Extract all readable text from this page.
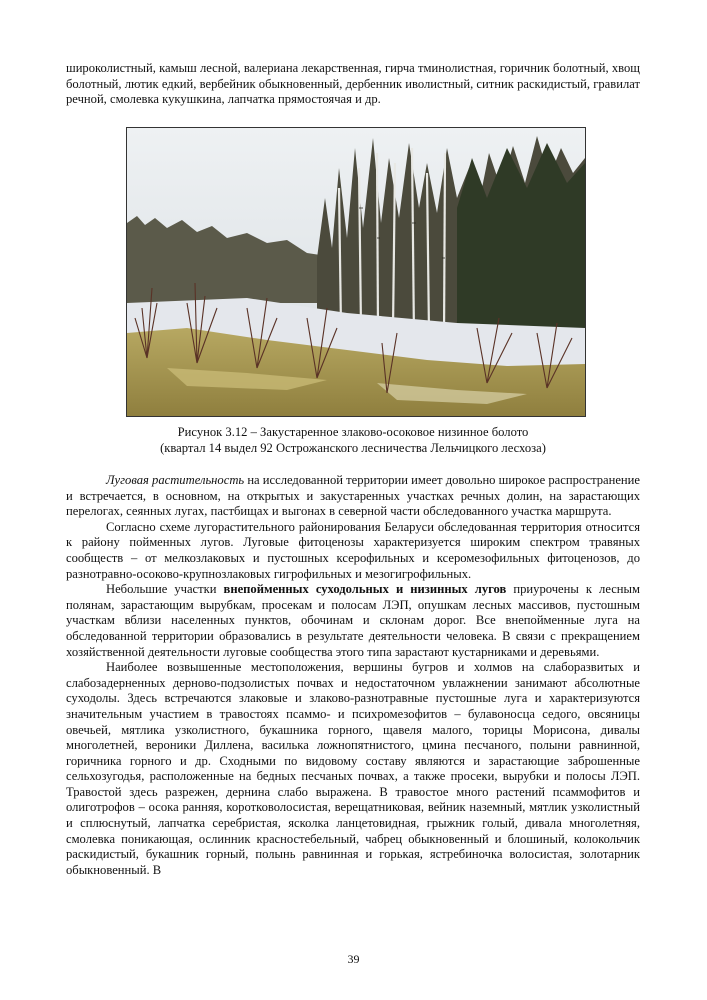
широколистный, камыш лесной, валериана лекарственная, гирча тминолистная, горичник болотный, хвощ болотный, лютик едкий, вербейник обыкновенный, дербенник иволистный, ситник раскидистый, гравилат речной, смолевка кукушкина, лапчатка прямостоячая и др.

Рисунок 3.12 – Закустаренное злаково-осоковое низинное болото
(квартал 14 выдел 92 Острожанского лесничества Лельчицкого лесхоза)

Луговая растительность на исследованной территории имеет довольно широкое распространение и встречается, в основном, на открытых и закустаренных участках речных долин, на зарастающих перелогах, сеянных лугах, пастбищах и выгонах в северной части обследованного участка маршрута.

Согласно схеме лугорастительного районирования Беларуси обследованная территория относится к району пойменных лугов. Луговые фитоценозы характеризуется широким спектром травяных сообществ – от мелкозлаковых и пустошных ксерофильных и ксеромезофильных фитоценозов, до разнотравно-осоково-крупнозлаковых гигрофильных и мезогигрофильных.

Небольшие участки внепойменных суходольных и низинных лугов приурочены к лесным полянам, зарастающим вырубкам, просекам и полосам ЛЭП, опушкам лесных массивов, пустошным участкам вблизи населенных пунктов, обочинам и склонам дорог. Все внепойменные луга на обследованной территории образовались в результате деятельности человека. В связи с прекращением хозяйственной деятельности луговые сообщества этого типа зарастают кустарниками и деревьями.

Наиболее возвышенные местоположения, вершины бугров и холмов на слаборазвитых и слабозадерненных дерново-подзолистых почвах и недостаточном увлажнении занимают абсолютные суходолы. Здесь встречаются злаковые и злаково-разнотравные пустошные луга и характеризуются значительным участием в травостоях псаммо- и психромезофитов – булавоносца седого, овсяницы овечьей, мятлика узколистного, букашника горного, щавеля малого, торицы Морисона, дивалы многолетней, вероники Диллена, василька ложнопятнистого, цмина песчаного, полыни равнинной, горичника горного и др. Сходными по видовому составу являются и зарастающие заброшенные сельхозугодья, расположенные на бедных песчаных почвах, а также просеки, вырубки и полосы ЛЭП. Травостой здесь разрежен, дернина слабо выражена. В травостое много растений псаммофитов и олиготрофов – осока ранняя, коротковолосистая, верещатниковая, вейник наземный, мятлик узколистный и сплюснутый, лапчатка серебристая, ясколка ланцетовидная, грыжник голый, дивала многолетняя, смолевка поникающая, ослинник красностебельный, чабрец обыкновенный и блошиный, колокольчик раскидистый, букашник горный, полынь равнинная и горькая, ястребиночка волосистая, золотарник обыкновенный. В

39
